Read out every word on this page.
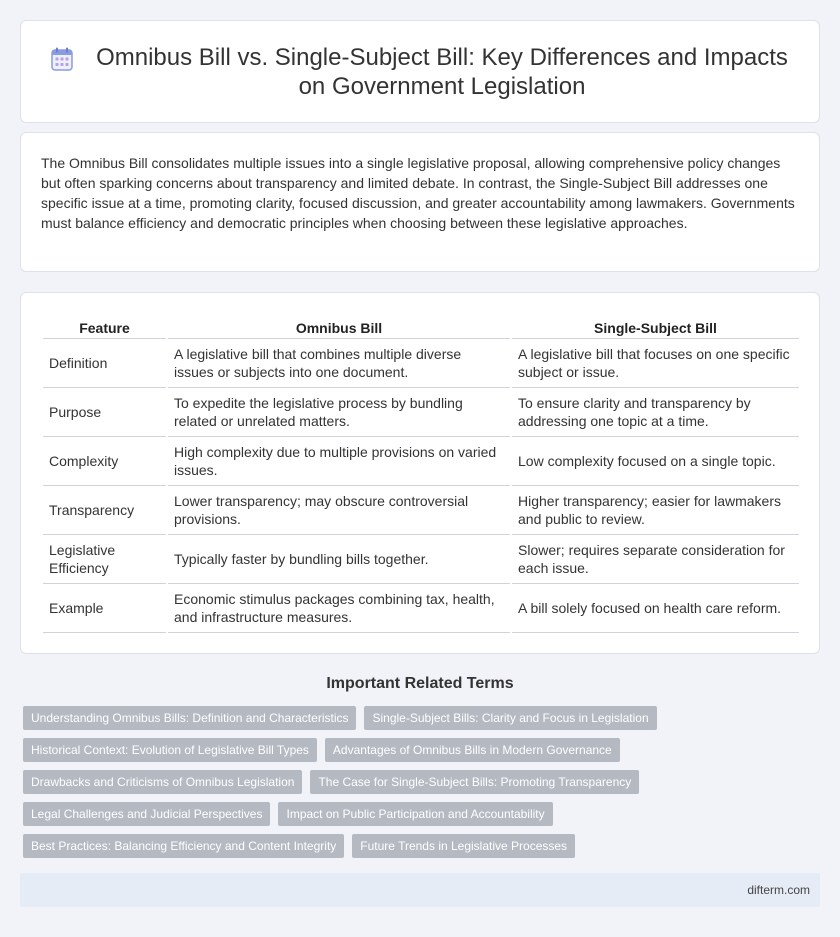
Omnibus Bill vs. Single-Subject Bill: Key Differences and Impacts on Government Legislation

The Omnibus Bill consolidates multiple issues into a single legislative proposal, allowing comprehensive policy changes but often sparking concerns about transparency and limited debate. In contrast, the Single-Subject Bill addresses one specific issue at a time, promoting clarity, focused discussion, and greater accountability among lawmakers. Governments must balance efficiency and democratic principles when choosing between these legislative approaches.

Feature	Omnibus Bill	Single-Subject Bill
Definition	A legislative bill that combines multiple diverse issues or subjects into one document.	A legislative bill that focuses on one specific subject or issue.
Purpose	To expedite the legislative process by bundling related or unrelated matters.	To ensure clarity and transparency by addressing one topic at a time.
Complexity	High complexity due to multiple provisions on varied issues.	Low complexity focused on a single topic.
Transparency	Lower transparency; may obscure controversial provisions.	Higher transparency; easier for lawmakers and public to review.
Legislative Efficiency	Typically faster by bundling bills together.	Slower; requires separate consideration for each issue.
Example	Economic stimulus packages combining tax, health, and infrastructure measures.	A bill solely focused on health care reform.
Important Related Terms
Understanding Omnibus Bills: Definition and Characteristics	Single-Subject Bills: Clarity and Focus in Legislation
Historical Context: Evolution of Legislative Bill Types	Advantages of Omnibus Bills in Modern Governance
Drawbacks and Criticisms of Omnibus Legislation	The Case for Single-Subject Bills: Promoting Transparency
Legal Challenges and Judicial Perspectives	Impact on Public Participation and Accountability
Best Practices: Balancing Efficiency and Content Integrity	Future Trends in Legislative Processes
difterm.com
